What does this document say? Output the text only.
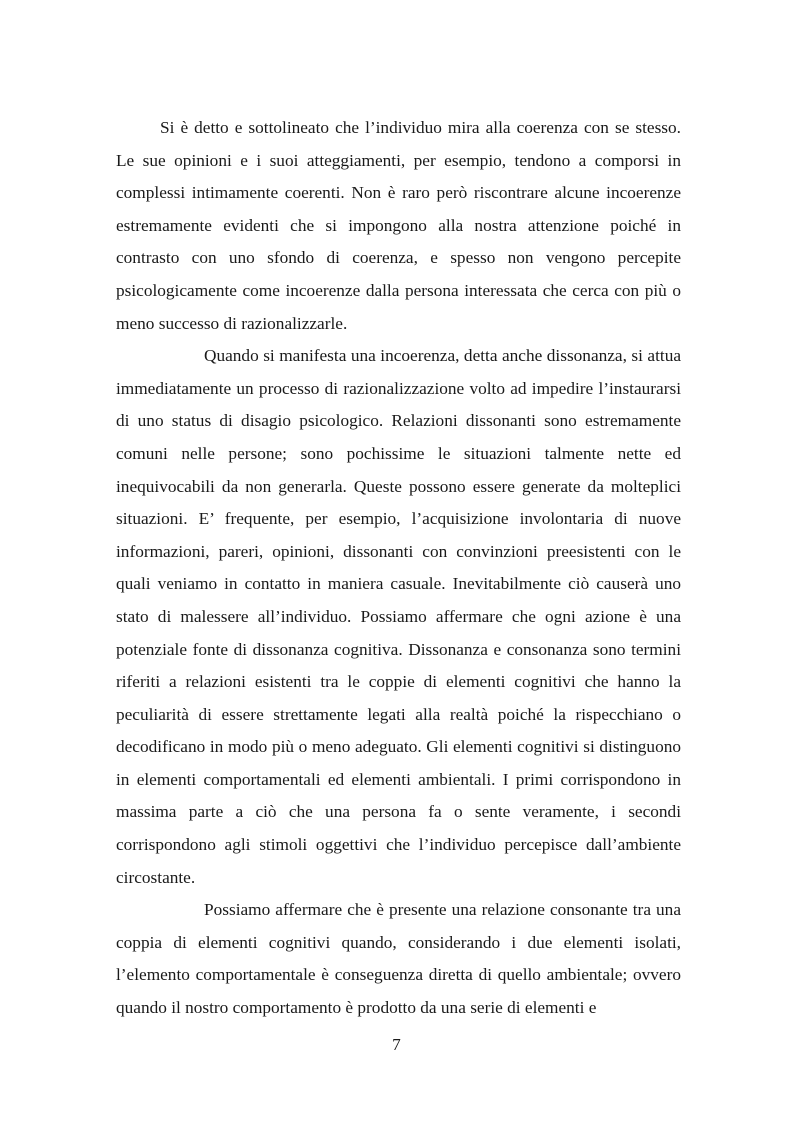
Si è detto e sottolineato che l’individuo mira alla coerenza con se stesso. Le sue opinioni e i suoi atteggiamenti, per esempio, tendono a comporsi in complessi intimamente coerenti. Non è raro però riscontrare alcune incoerenze estremamente evidenti che si impongono alla nostra attenzione poiché in contrasto con uno sfondo di coerenza, e spesso non vengono percepite psicologicamente come incoerenze dalla persona interessata che cerca con più o meno successo di razionalizzarle.

Quando si manifesta una incoerenza, detta anche dissonanza, si attua immediatamente un processo di razionalizzazione volto ad impedire l’instaurarsi di uno status di disagio psicologico. Relazioni dissonanti sono estremamente comuni nelle persone; sono pochissime le situazioni talmente nette ed inequivocabili da non generarla. Queste possono essere generate da molteplici situazioni. E’ frequente, per esempio, l’acquisizione involontaria di nuove informazioni, pareri, opinioni, dissonanti con convinzioni preesistenti con le quali veniamo in contatto in maniera casuale. Inevitabilmente ciò causerà uno stato di malessere all’individuo. Possiamo affermare che ogni azione è una potenziale fonte di dissonanza cognitiva. Dissonanza e consonanza sono termini riferiti a relazioni esistenti tra le coppie di elementi cognitivi che hanno la peculiarità di essere strettamente legati alla realtà poiché la rispecchiano o decodificano in modo più o meno adeguato. Gli elementi cognitivi si distinguono in elementi comportamentali ed elementi ambientali. I primi corrispondono in massima parte a ciò che una persona fa o sente veramente, i secondi corrispondono agli stimoli oggettivi che l’individuo percepisce dall’ambiente circostante.

Possiamo affermare che è presente una relazione consonante tra una coppia di elementi cognitivi quando, considerando i due elementi isolati, l’elemento comportamentale è conseguenza diretta di quello ambientale; ovvero quando il nostro comportamento è prodotto da una serie di elementi e

7
